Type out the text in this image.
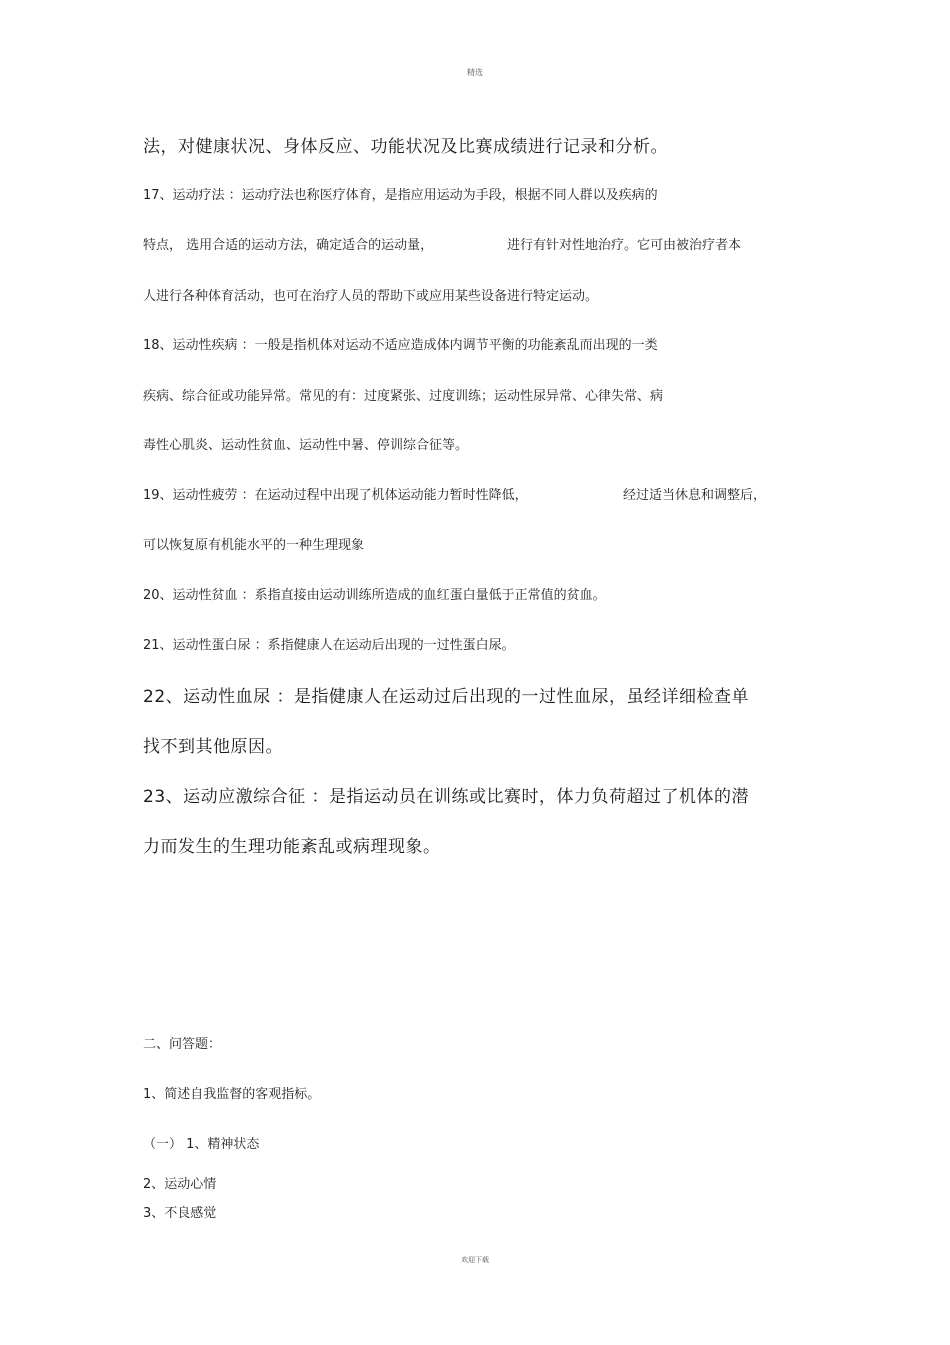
精选
法，对健康状况、身体反应、功能状况及比赛成绩进行记录和分析。
17、运动疗法 ：运动疗法也称医疗体育，是指应用运动为手段，根据不同人群以及疾病的
特点， 选用合适的运动方法，确定适合的运动量，	进行有针对性地治疗。它可由被治疗者本
人进行各种体育活动，也可在治疗人员的帮助下或应用某些设备进行特定运动。
18、运动性疾病 ：一般是指机体对运动不适应造成体内调节平衡的功能紊乱而出现的一类
疾病、综合征或功能异常。常见的有：过度紧张、过度训练；运动性尿异常、心律失常、病
毒性心肌炎、运动性贫血、运动性中暑、停训综合征等。
19、运动性疲劳 ：在运动过程中出现了机体运动能力暂时性降低，	经过适当休息和调整后，
可以恢复原有机能水平的一种生理现象
20、运动性贫血 ：系指直接由运动训练所造成的血红蛋白量低于正常值的贫血。
21、运动性蛋白尿 ：系指健康人在运动后出现的一过性蛋白尿。
22、运动性血尿 ：是指健康人在运动过后出现的一过性血尿，虽经详细检查单
找不到其他原因。
23、运动应激综合征 ：是指运动员在训练或比赛时，体力负荷超过了机体的潜
力而发生的生理功能紊乱或病理现象。
二、问答题：
1、简述自我监督的客观指标。
（一） 1、精神状态
2、运动心情
3、不良感觉
欢迎下载
